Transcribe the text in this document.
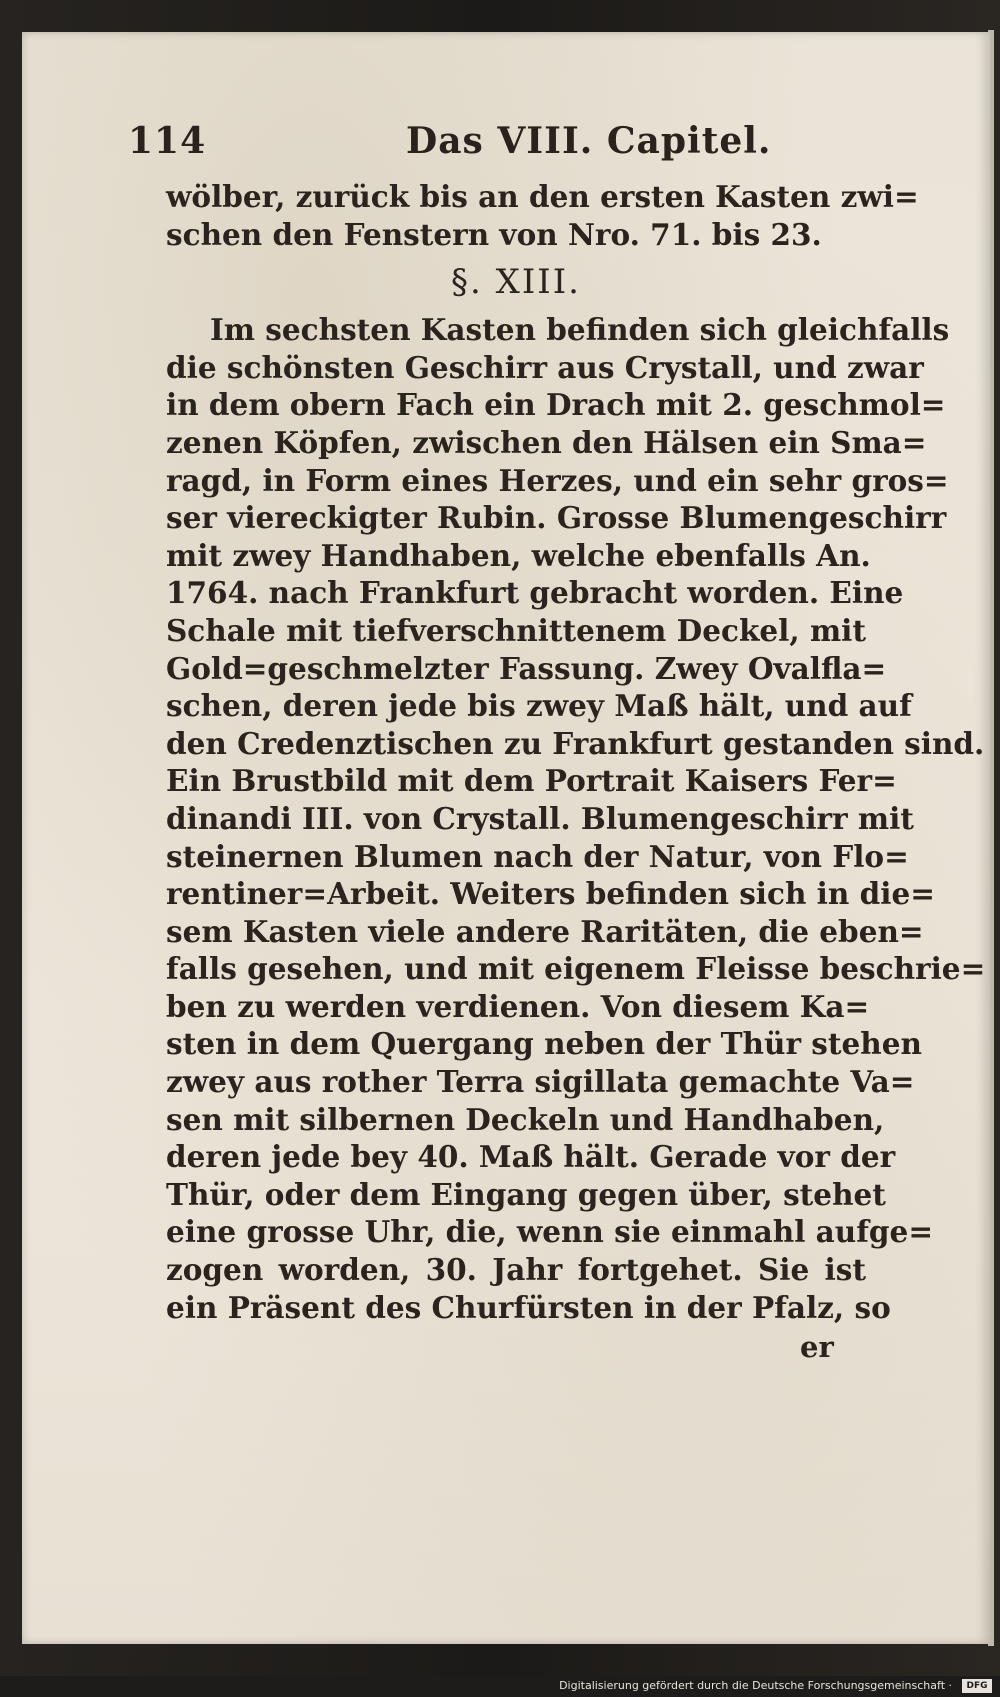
114	Das VIII. Capitel.
wölber, zurück bis an den ersten Kasten zwi=
schen den Fenstern von Nro. 71. bis 23.
§. XIII.
Im sechsten Kasten befinden sich gleichfalls
die schönsten Geschirr aus Crystall, und zwar
in dem obern Fach ein Drach mit 2. geschmol=
zenen Köpfen, zwischen den Hälsen ein Sma=
ragd, in Form eines Herzes, und ein sehr gros=
ser viereckigter Rubin. Grosse Blumengeschirr
mit zwey Handhaben, welche ebenfalls An.
1764. nach Frankfurt gebracht worden. Eine
Schale mit tiefverschnittenem Deckel, mit
Gold=geschmelzter Fassung. Zwey Ovalfla=
schen, deren jede bis zwey Maß hält, und auf
den Credenztischen zu Frankfurt gestanden sind.
Ein Brustbild mit dem Portrait Kaisers Fer=
dinandi III. von Crystall. Blumengeschirr mit
steinernen Blumen nach der Natur, von Flo=
rentiner=Arbeit. Weiters befinden sich in die=
sem Kasten viele andere Raritäten, die eben=
falls gesehen, und mit eigenem Fleisse beschrie=
ben zu werden verdienen. Von diesem Ka=
sten in dem Quergang neben der Thür stehen
zwey aus rother Terra sigillata gemachte Va=
sen mit silbernen Deckeln und Handhaben,
deren jede bey 40. Maß hält. Gerade vor der
Thür, oder dem Eingang gegen über, stehet
eine grosse Uhr, die, wenn sie einmahl aufge=
zogen worden, 30. Jahr fortgehet. Sie ist
ein Präsent des Churfürsten in der Pfalz, so
er
Digitalisierung gefördert durch die Deutsche Forschungsgemeinschaft ·	DFG
